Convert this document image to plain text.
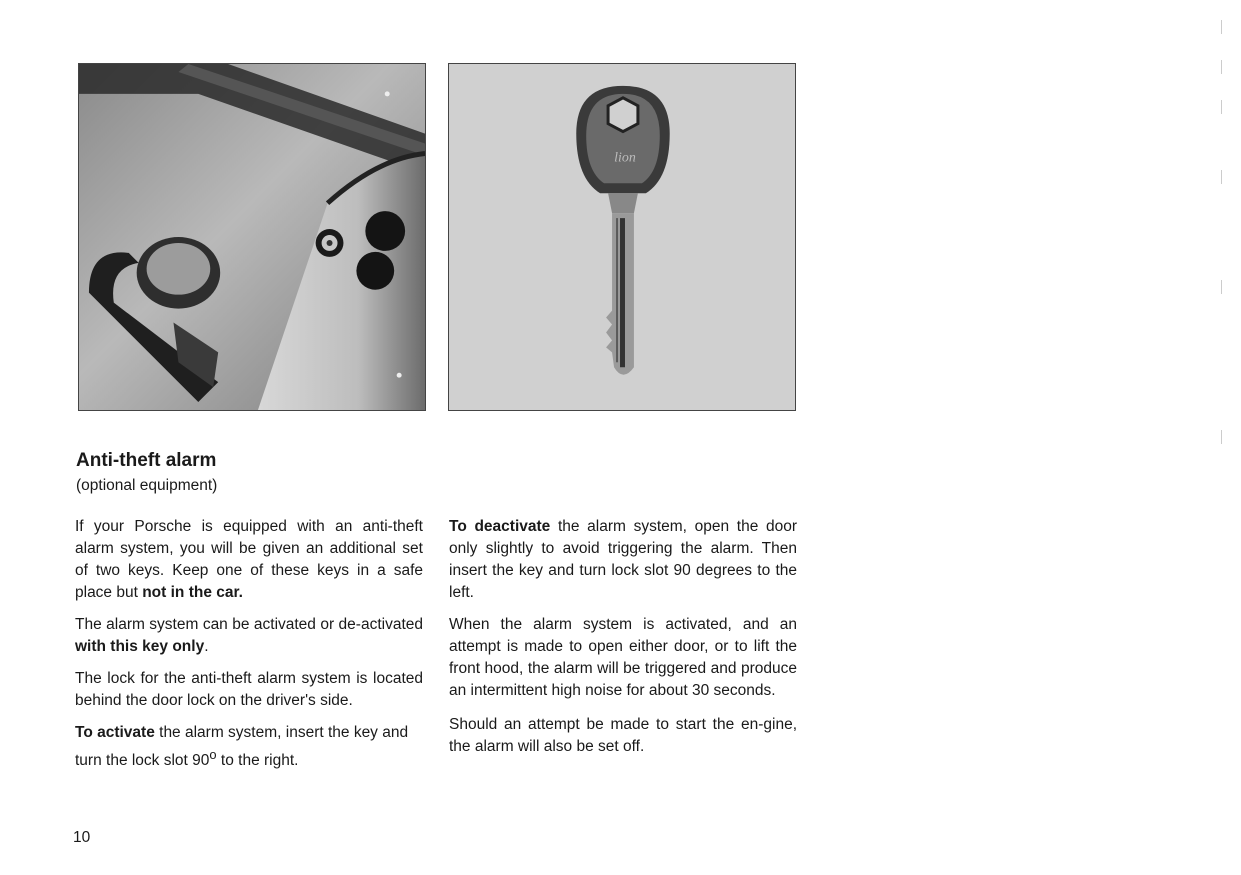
lion
Anti-theft alarm
(optional equipment)

If your Porsche is equipped with an anti-theft alarm system, you will be given an additional set of two keys. Keep one of these keys in a safe place but not in the car.

The alarm system can be activated or de-activated with this key only.

The lock for the anti-theft alarm system is located behind the door lock on the driver's side.

To activate the alarm system, insert the key and turn the lock slot 90$^o$ to the right.

To deactivate the alarm system, open the door only slightly to avoid triggering the alarm. Then insert the key and turn lock slot 90 degrees to the left.

When the alarm system is activated, and an attempt is made to open either door, or to lift the front hood, the alarm will be triggered and produce an intermittent high noise for about 30 seconds.

Should an attempt be made to start the en-gine, the alarm will also be set off.

10
